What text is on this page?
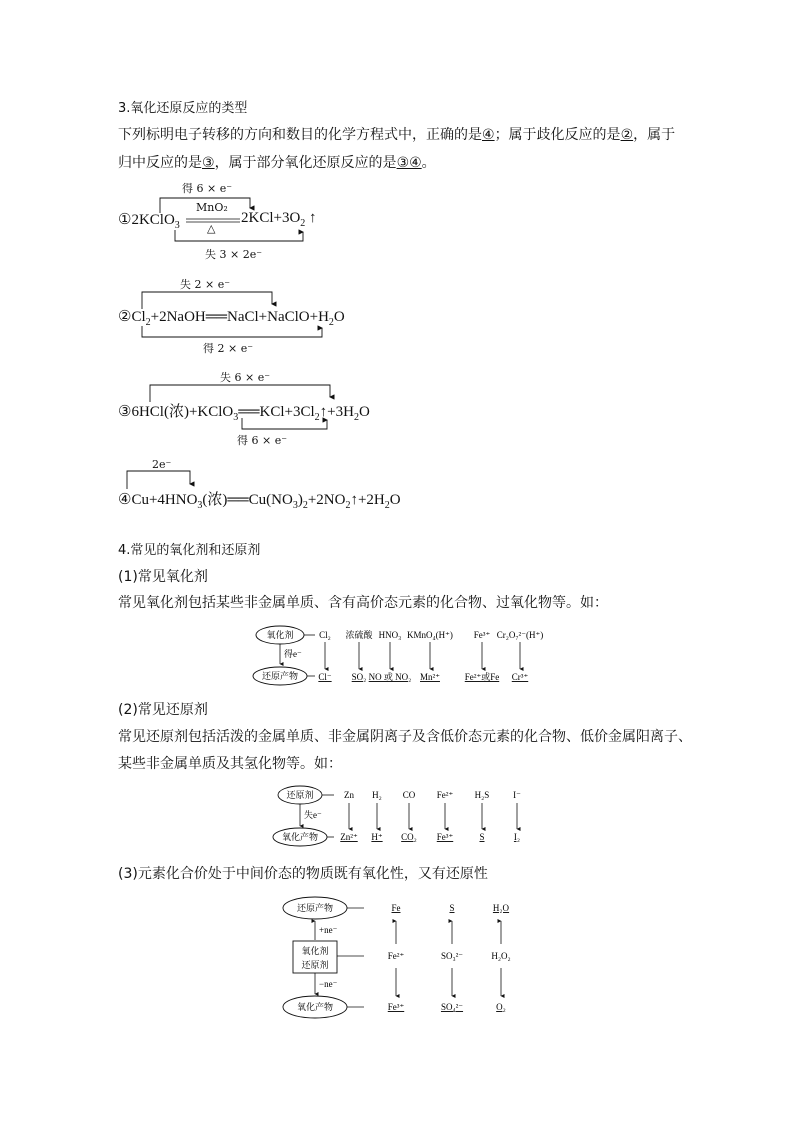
3.氧化还原反应的类型
下列标明电子转移的方向和数目的化学方程式中，正确的是④；属于歧化反应的是②，属于
归中反应的是③，属于部分氧化还原反应的是③④。
得 6 × e⁻
①2KClO$_3$
MnO₂
△
$2KCl+3O_2$ ↑
失 3 × 2e⁻
失 2 × e⁻
$②Cl_2+2NaOH══NaCl+NaClO+H_2O$
得 2 × e⁻
失 6 × e⁻
③6HCl(浓)$+KClO_3══KCl+3Cl_2↑+3H_2O$
得 6 × e⁻
2e⁻
$④Cu+4HNO_3$(浓)$══Cu(NO_3)_2+2NO_2↑+2H_2O$
4.常见的氧化剂和还原剂
(1)常见氧化剂
常见氧化剂包括某些非金属单质、含有高价态元素的化合物、过氧化物等。如：
氧化剂
得e⁻
还原产物
Cl₂
Cl⁻
浓硫酸
SO₂
HNO₃
NO 或 NO₂
KMnO₄(H⁺)
Mn²⁺
Fe³⁺
Fe²⁺或Fe
Cr₂O₇²⁻(H⁺)
Cr³⁺
还原剂
失e⁻
氧化产物
Zn
Zn²⁺
H₂
H⁺
CO
CO₂
Fe²⁺
Fe³⁺
H₂S
S
I⁻
I₂
还原产物
+ne⁻
氧化剂
还原剂
−ne⁻
氧化产物
Fe
Fe²⁺
Fe³⁺
S
SO₃²⁻
SO₄²⁻
H₂O
H₂O₂
O₂
(2)常见还原剂
常见还原剂包括活泼的金属单质、非金属阴离子及含低价态元素的化合物、低价金属阳离子、
某些非金属单质及其氢化物等。如：
(3)元素化合价处于中间价态的物质既有氧化性，又有还原性
